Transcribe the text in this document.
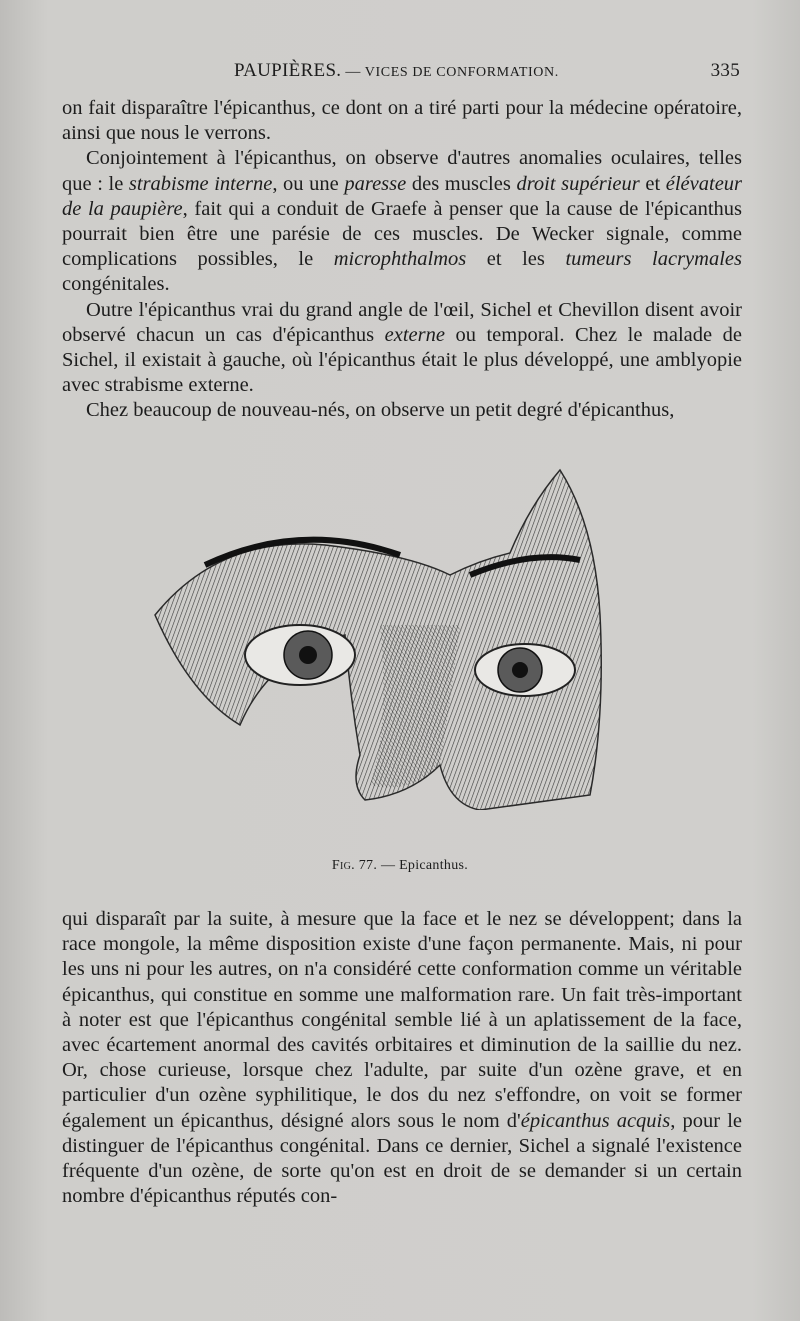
PAUPIÈRES. — VICES DE CONFORMATION.	335

on fait disparaître l'épicanthus, ce dont on a tiré parti pour la médecine opératoire, ainsi que nous le verrons.

Conjointement à l'épicanthus, on observe d'autres anomalies oculaires, telles que : le strabisme interne, ou une paresse des muscles droit supérieur et élévateur de la paupière, fait qui a conduit de Graefe à penser que la cause de l'épicanthus pourrait bien être une parésie de ces muscles. De Wecker signale, comme complications possibles, le microphthalmos et les tumeurs lacrymales congénitales.

Outre l'épicanthus vrai du grand angle de l'œil, Sichel et Chevillon disent avoir observé chacun un cas d'épicanthus externe ou temporal. Chez le malade de Sichel, il existait à gauche, où l'épicanthus était le plus développé, une amblyopie avec strabisme externe.

Chez beaucoup de nouveau-nés, on observe un petit degré d'épicanthus,

Fig. 77. — Epicanthus.

qui disparaît par la suite, à mesure que la face et le nez se développent; dans la race mongole, la même disposition existe d'une façon permanente. Mais, ni pour les uns ni pour les autres, on n'a considéré cette conformation comme un véritable épicanthus, qui constitue en somme une malformation rare. Un fait très-important à noter est que l'épicanthus congénital semble lié à un aplatissement de la face, avec écartement anormal des cavités orbitaires et diminution de la saillie du nez. Or, chose curieuse, lorsque chez l'adulte, par suite d'un ozène grave, et en particulier d'un ozène syphilitique, le dos du nez s'effondre, on voit se former également un épicanthus, désigné alors sous le nom d'épicanthus acquis, pour le distinguer de l'épicanthus congénital. Dans ce dernier, Sichel a signalé l'existence fréquente d'un ozène, de sorte qu'on est en droit de se demander si un certain nombre d'épicanthus réputés con-
